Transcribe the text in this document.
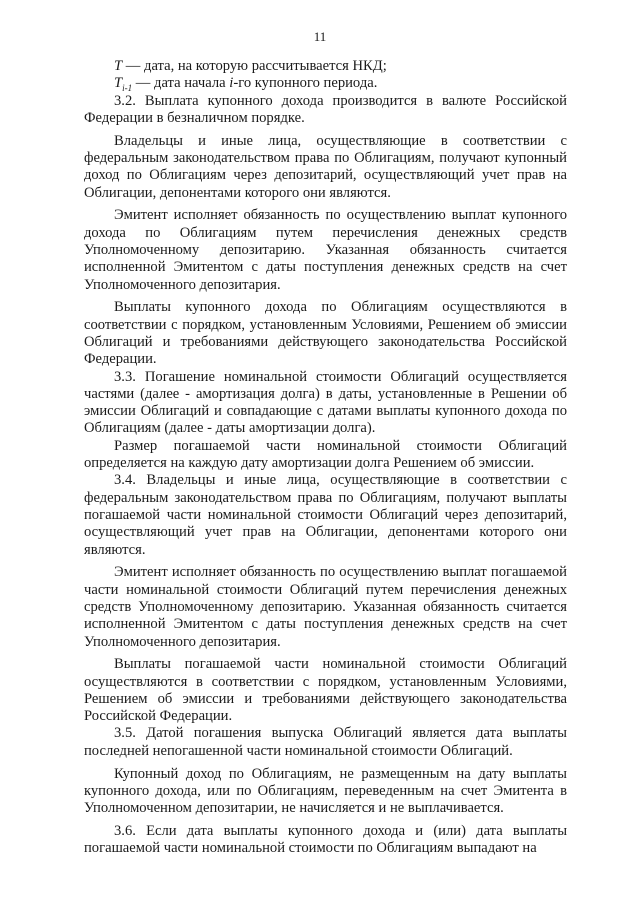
11

T — дата, на которую рассчитывается НКД;

$T_{i-1}$ — дата начала i-го купонного периода.

3.2. Выплата купонного дохода производится в валюте Российской Федерации в безналичном порядке.

Владельцы и иные лица, осуществляющие в соответствии с федеральным законодательством права по Облигациям, получают купонный доход по Облигациям через депозитарий, осуществляющий учет прав на Облигации, депонентами которого они являются.

Эмитент исполняет обязанность по осуществлению выплат купонного дохода по Облигациям путем перечисления денежных средств Уполномоченному депозитарию. Указанная обязанность считается исполненной Эмитентом с даты поступления денежных средств на счет Уполномоченного депозитария.

Выплаты купонного дохода по Облигациям осуществляются в соответствии с порядком, установленным Условиями, Решением об эмиссии Облигаций и требованиями действующего законодательства Российской Федерации.

3.3. Погашение номинальной стоимости Облигаций осуществляется частями (далее - амортизация долга) в даты, установленные в Решении об эмиссии Облигаций и совпадающие с датами выплаты купонного дохода по Облигациям (далее - даты амортизации долга).

Размер погашаемой части номинальной стоимости Облигаций определяется на каждую дату амортизации долга Решением об эмиссии.

3.4. Владельцы и иные лица, осуществляющие в соответствии с федеральным законодательством права по Облигациям, получают выплаты погашаемой части номинальной стоимости Облигаций через депозитарий, осуществляющий учет прав на Облигации, депонентами которого они являются.

Эмитент исполняет обязанность по осуществлению выплат погашаемой части номинальной стоимости Облигаций путем перечисления денежных средств Уполномоченному депозитарию. Указанная обязанность считается исполненной Эмитентом с даты поступления денежных средств на счет Уполномоченного депозитария.

Выплаты погашаемой части номинальной стоимости Облигаций осуществляются в соответствии с порядком, установленным Условиями, Решением об эмиссии и требованиями действующего законодательства Российской Федерации.

3.5. Датой погашения выпуска Облигаций является дата выплаты последней непогашенной части номинальной стоимости Облигаций.

Купонный доход по Облигациям, не размещенным на дату выплаты купонного дохода, или по Облигациям, переведенным на счет Эмитента в Уполномоченном депозитарии, не начисляется и не выплачивается.

3.6. Если дата выплаты купонного дохода и (или) дата выплаты погашаемой части номинальной стоимости по Облигациям выпадают на
